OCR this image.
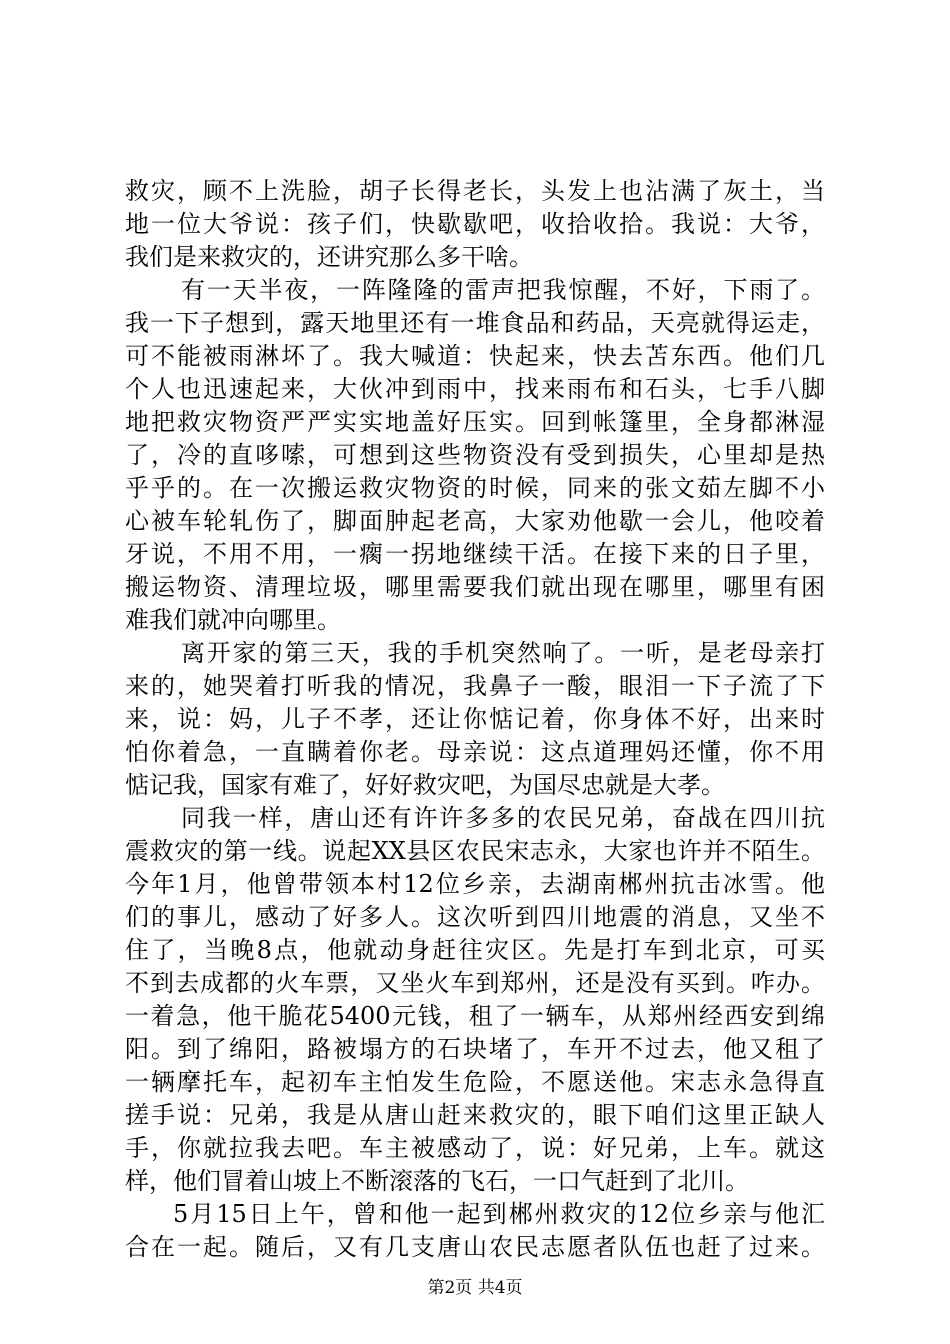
救灾，顾不上洗脸，胡子长得老长，头发上也沾满了灰土，当
地一位大爷说：孩子们，快歇歇吧，收拾收拾。我说：大爷，
我们是来救灾的，还讲究那么多干啥。
有一天半夜，一阵隆隆的雷声把我惊醒，不好，下雨了。
我一下子想到，露天地里还有一堆食品和药品，天亮就得运走，
可不能被雨淋坏了。我大喊道：快起来，快去苫东西。他们几
个人也迅速起来，大伙冲到雨中，找来雨布和石头，七手八脚
地把救灾物资严严实实地盖好压实。回到帐篷里，全身都淋湿
了，冷的直哆嗦，可想到这些物资没有受到损失，心里却是热
乎乎的。在一次搬运救灾物资的时候，同来的张文茹左脚不小
心被车轮轧伤了，脚面肿起老高，大家劝他歇一会儿，他咬着
牙说，不用不用，一瘸一拐地继续干活。在接下来的日子里，
搬运物资、清理垃圾，哪里需要我们就出现在哪里，哪里有困
难我们就冲向哪里。
离开家的第三天，我的手机突然响了。一听，是老母亲打
来的，她哭着打听我的情况，我鼻子一酸，眼泪一下子流了下
来，说：妈，儿子不孝，还让你惦记着，你身体不好，出来时
怕你着急，一直瞒着你老。母亲说：这点道理妈还懂，你不用
惦记我，国家有难了，好好救灾吧，为国尽忠就是大孝。
同我一样，唐山还有许许多多的农民兄弟，奋战在四川抗
震救灾的第一线。说起XX县区农民宋志永，大家也许并不陌生。
今年1月，他曾带领本村12位乡亲，去湖南郴州抗击冰雪。他
们的事儿，感动了好多人。这次听到四川地震的消息，又坐不
住了，当晚8点，他就动身赶往灾区。先是打车到北京，可买
不到去成都的火车票，又坐火车到郑州，还是没有买到。咋办。
一着急，他干脆花5400元钱，租了一辆车，从郑州经西安到绵
阳。到了绵阳，路被塌方的石块堵了，车开不过去，他又租了
一辆摩托车，起初车主怕发生危险，不愿送他。宋志永急得直
搓手说：兄弟，我是从唐山赶来救灾的，眼下咱们这里正缺人
手，你就拉我去吧。车主被感动了，说：好兄弟，上车。就这
样，他们冒着山坡上不断滚落的飞石，一口气赶到了北川。
5月15日上午，曾和他一起到郴州救灾的12位乡亲与他汇
合在一起。随后，又有几支唐山农民志愿者队伍也赶了过来。
第2页 共4页
